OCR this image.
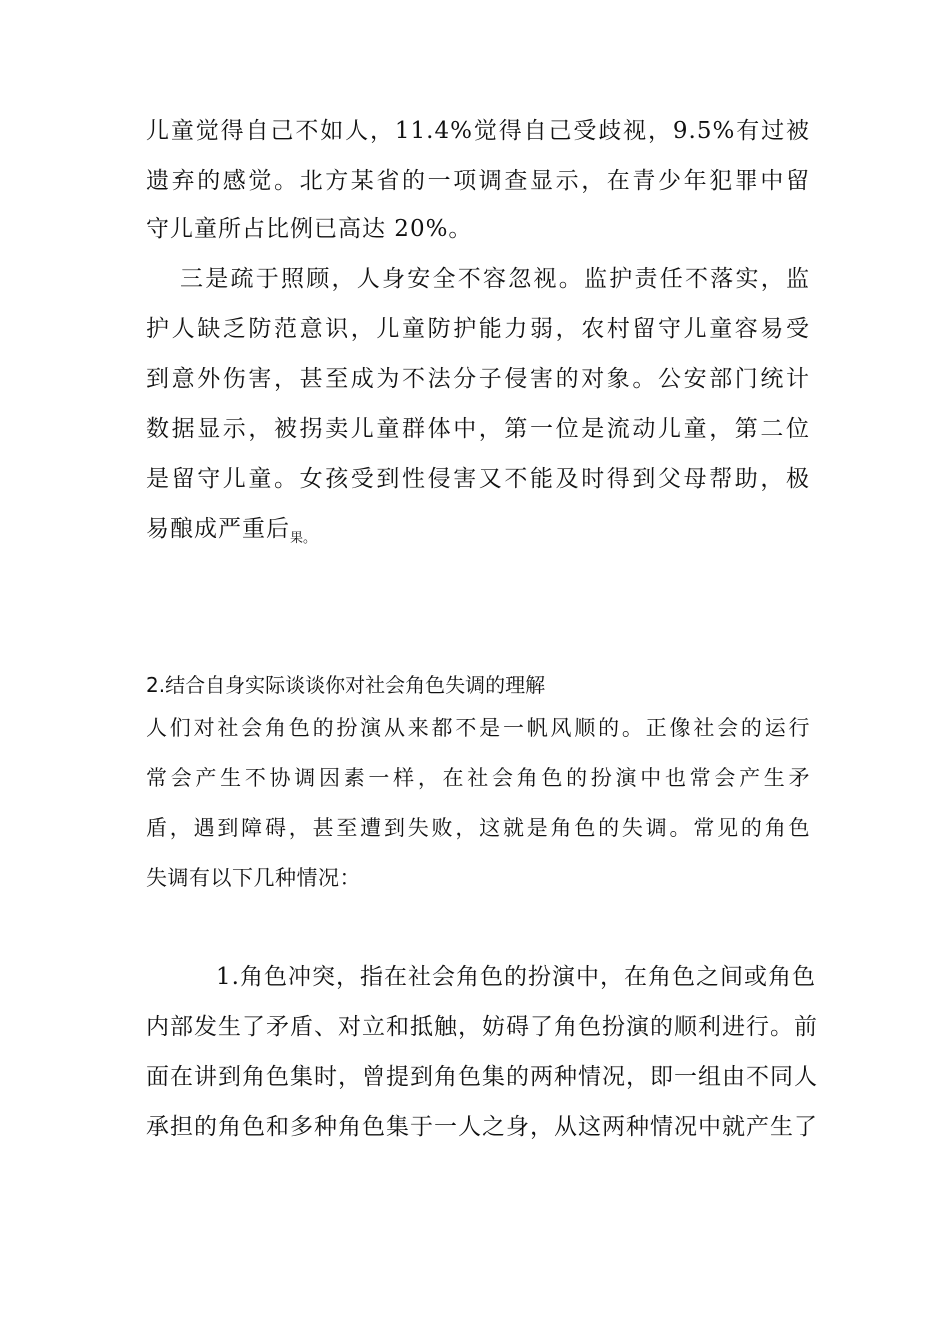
儿童觉得自己不如人，11.4%觉得自己受歧视，9.5%有过被
遗弃的感觉。北方某省的一项调查显示，在青少年犯罪中留
守儿童所占比例已高达 20%。
三是疏于照顾，人身安全不容忽视。监护责任不落实，监
护人缺乏防范意识，儿童防护能力弱，农村留守儿童容易受
到意外伤害，甚至成为不法分子侵害的对象。公安部门统计
数据显示，被拐卖儿童群体中，第一位是流动儿童，第二位
是留守儿童。女孩受到性侵害又不能及时得到父母帮助，极
易酿成严重后$_{果。}$
2.结合自身实际谈谈你对社会角色失调的理解
人们对社会角色的扮演从来都不是一帆风顺的。正像社会的运行
常会产生不协调因素一样，在社会角色的扮演中也常会产生矛
盾，遇到障碍，甚至遭到失败，这就是角色的失调。常见的角色
失调有以下几种情况：
1.角色冲突，指在社会角色的扮演中，在角色之间或角色
内部发生了矛盾、对立和抵触，妨碍了角色扮演的顺利进行。前
面在讲到角色集时，曾提到角色集的两种情况，即一组由不同人
承担的角色和多种角色集于一人之身，从这两种情况中就产生了
